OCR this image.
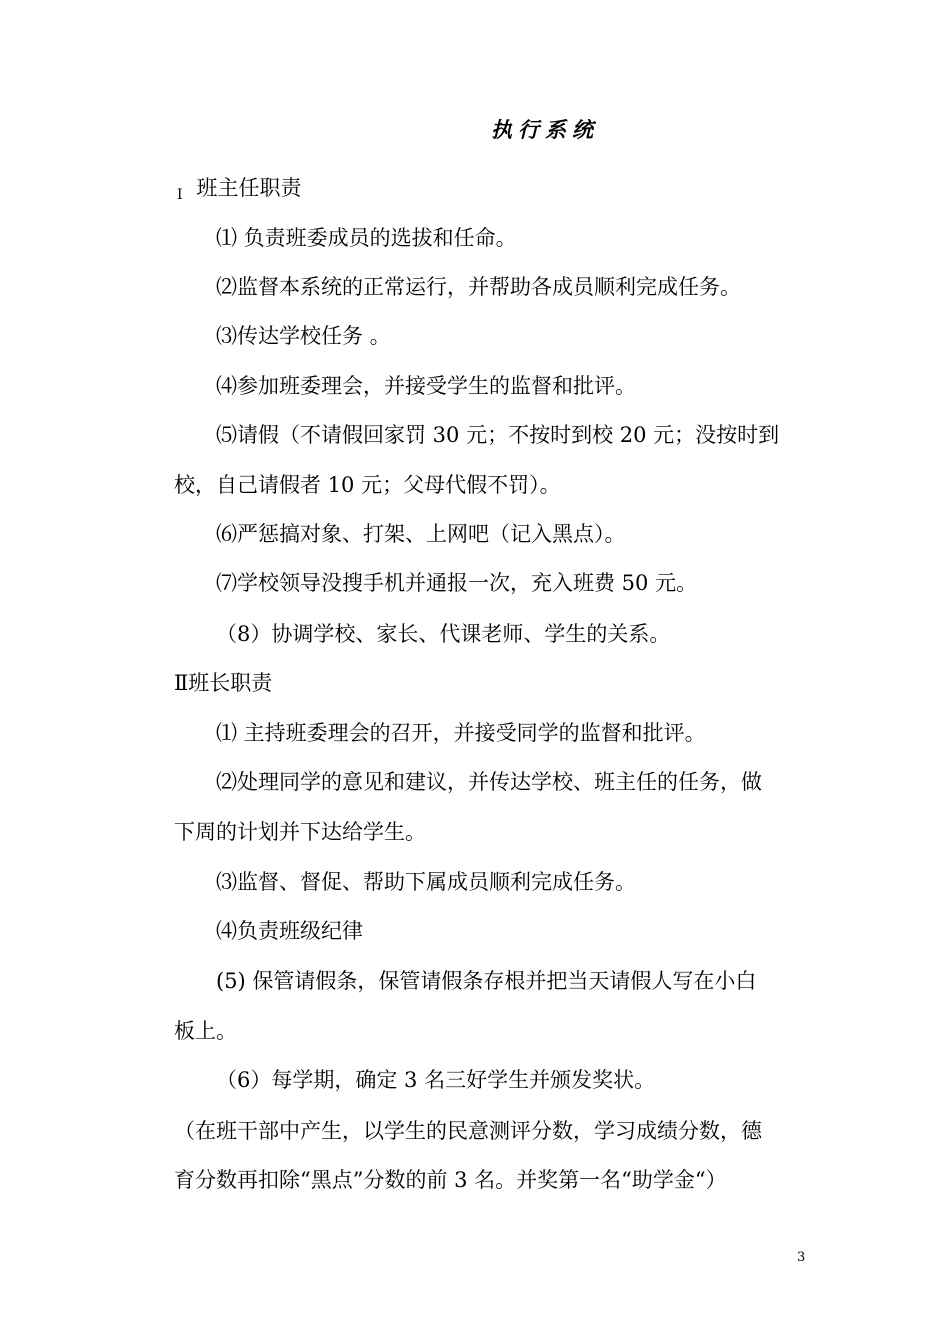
执行系统
I 班主任职责
⑴ 负责班委成员的选拔和任命。
⑵监督本系统的正常运行，并帮助各成员顺利完成任务。
⑶传达学校任务 。
⑷参加班委理会，并接受学生的监督和批评。
⑸请假（不请假回家罚 30 元；不按时到校 20 元；没按时到
校，自己请假者 10 元；父母代假不罚）。
⑹严惩搞对象、打架、上网吧（记入黑点）。
⑺学校领导没搜手机并通报一次，充入班费 50 元。
（8）协调学校、家长、代课老师、学生的关系。
Ⅱ班长职责
⑴ 主持班委理会的召开，并接受同学的监督和批评。
⑵处理同学的意见和建议，并传达学校、班主任的任务，做
下周的计划并下达给学生。
⑶监督、督促、帮助下属成员顺利完成任务。
⑷负责班级纪律
(5) 保管请假条，保管请假条存根并把当天请假人写在小白
板上。
（6）每学期，确定 3 名三好学生并颁发奖状。
（在班干部中产生，以学生的民意测评分数，学习成绩分数，德
育分数再扣除“黑点”分数的前 3 名。并奖第一名“助学金“）
3
